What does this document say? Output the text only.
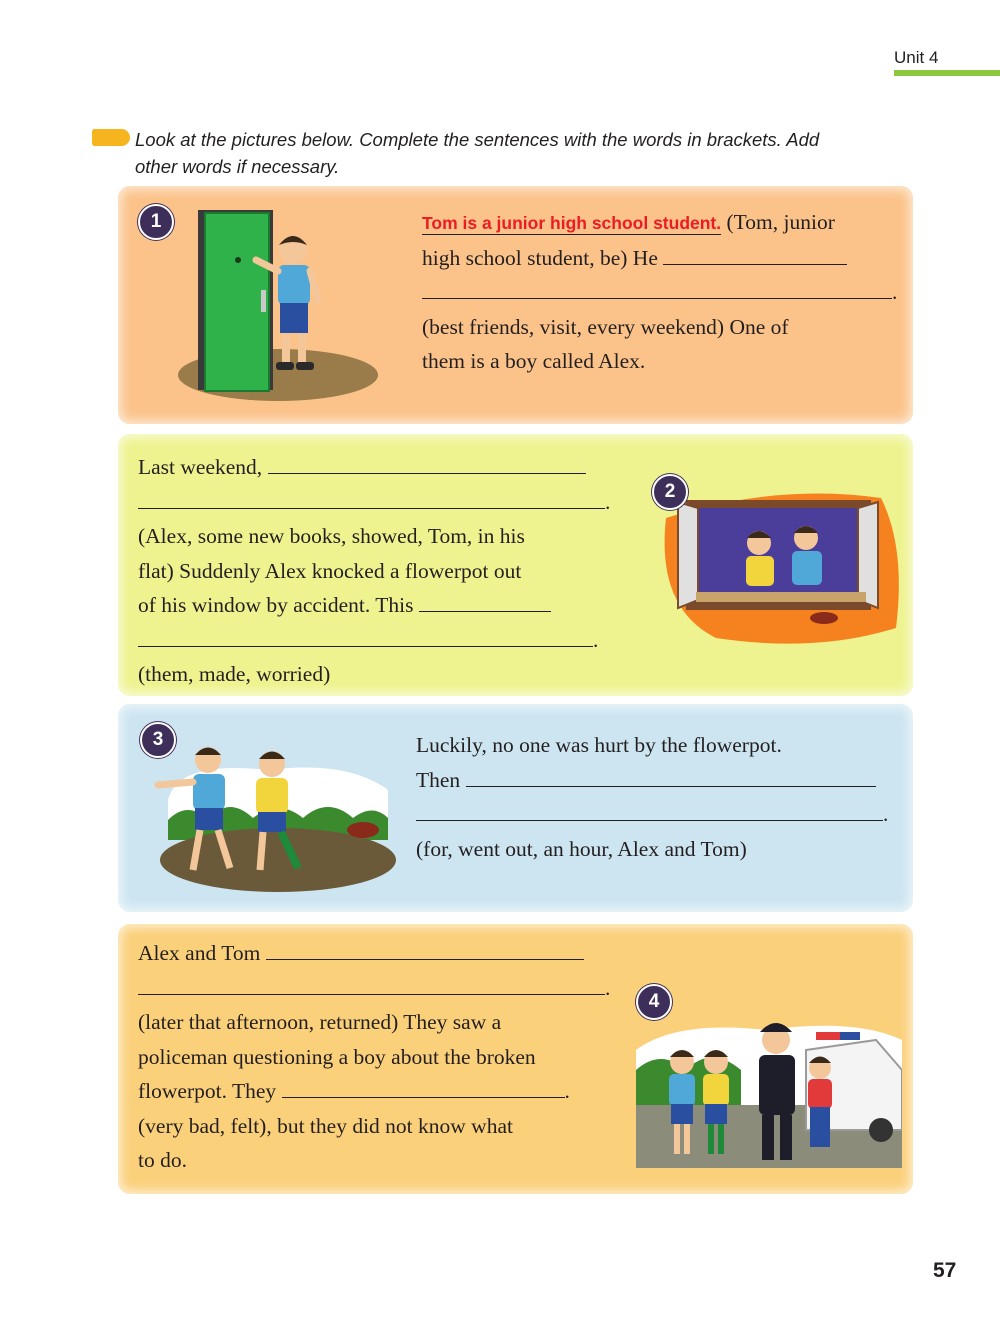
Unit 4
Look at the pictures below. Complete the sentences with the words in brackets. Add
other words if necessary.
1	Tom is a junior high school student. (Tom, junior
high school student, be) He
.
(best friends, visit, every weekend) One of
them is a boy called Alex.
Last weekend,
.
(Alex, some new books, showed, Tom, in his
flat) Suddenly Alex knocked a flowerpot out
of his window by accident. This
.
(them, made, worried)
2
3	Luckily, no one was hurt by the flowerpot.
Then
.
(for, went out, an hour, Alex and Tom)
Alex and Tom
.
(later that afternoon, returned) They saw a
policeman questioning a boy about the broken
flowerpot. They	.
(very bad, felt), but they did not know what
to do.
4
57
